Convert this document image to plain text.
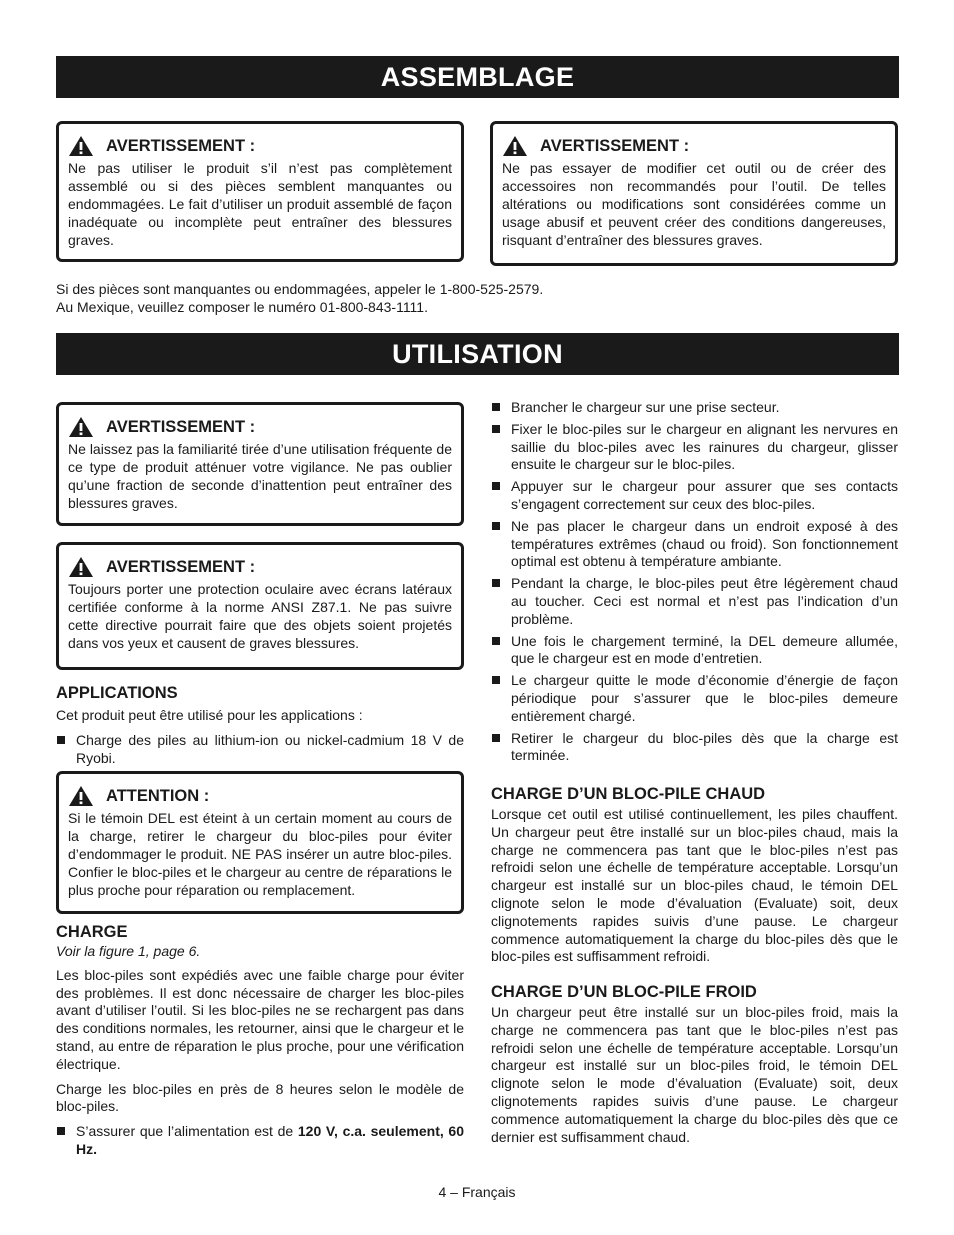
ASSEMBLAGE
AVERTISSEMENT :
Ne pas utiliser le produit s’il n’est pas complètement assemblé ou si des pièces semblent manquantes ou endommagées. Le fait d’utiliser un produit assemblé de façon inadéquate ou incomplète peut entraîner des blessures graves.
AVERTISSEMENT :
Ne pas essayer de modifier cet outil ou de créer des accessoires non recommandés pour l’outil. De telles altérations ou modifications sont considérées comme un usage abusif et peuvent créer des conditions dangereuses, risquant d’entraîner des blessures graves.
Si des pièces sont manquantes ou endommagées, appeler le 1-800-525-2579.
Au Mexique, veuillez composer le numéro 01-800-843-1111.
UTILISATION
AVERTISSEMENT :
Ne laissez pas la familiarité tirée d’une utilisation fréquente de ce type de produit atténuer votre vigilance. Ne pas oublier qu’une fraction de seconde d’inattention peut entraîner des blessures graves.
AVERTISSEMENT :
Toujours porter une protection oculaire avec écrans latéraux certifiée conforme à la norme ANSI Z87.1. Ne pas suivre cette directive pourrait faire que des objets soient projetés dans vos yeux et causent de graves blessures.
APPLICATIONS

Cet produit peut être utilisé pour les applications :

Charge des piles au lithium-ion ou nickel-cadmium 18 V de Ryobi.
ATTENTION :
Si le témoin DEL est éteint à un certain moment au cours de la charge, retirer le chargeur du bloc-piles pour éviter d’endommager le produit. NE PAS insérer un autre bloc-piles. Confier le bloc-piles et le chargeur au centre de réparations le plus proche pour réparation ou remplacement.
CHARGE

Voir la figure 1, page 6.

Les bloc-piles sont expédiés avec une faible charge pour éviter des problèmes. Il est donc nécessaire de charger les bloc-piles avant d’utiliser l’outil. Si les bloc-piles ne se rechargent pas dans des conditions normales, les retourner, ainsi que le chargeur et le stand, au entre de réparation le plus proche, pour une vérification électrique.

Charge les bloc-piles en près de 8 heures selon le modèle de bloc-piles.

S’assurer que l’alimentation est de 120 V, c.a. seulement, 60 Hz.
Brancher le chargeur sur une prise secteur.
Fixer le bloc-piles sur le chargeur en alignant les nervures en saillie du bloc-piles avec les rainures du chargeur, glisser ensuite le chargeur sur le bloc-piles.
Appuyer sur le chargeur pour assurer que ses contacts s’engagent correctement sur ceux des bloc-piles.
Ne pas placer le chargeur dans un endroit exposé à des températures extrêmes (chaud ou froid). Son fonctionnement optimal est obtenu à température ambiante.
Pendant la charge, le bloc-piles peut être légèrement chaud au toucher. Ceci est normal et n’est pas l’indication d’un problème.
Une fois le chargement terminé, la DEL demeure allumée, que le chargeur est en mode d’entretien.
Le chargeur quitte le mode d’économie d’énergie de façon périodique pour s’assurer que le bloc-piles demeure entièrement chargé.
Retirer le chargeur du bloc-piles dès que la charge est terminée.
CHARGE D’UN BLOC-PILE CHAUD

Lorsque cet outil est utilisé continuellement, les piles chauffent. Un chargeur peut être installé sur un bloc-piles chaud, mais la charge ne commencera pas tant que le bloc-piles n’est pas refroidi selon une échelle de température acceptable. Lorsqu’un chargeur est installé sur un bloc-piles chaud, le témoin DEL clignote selon le mode d’évaluation (Evaluate) soit, deux clignotements rapides suivis d’une pause. Le chargeur commence automatiquement la charge du bloc-piles dès que le bloc-piles est suffisamment refroidi.

CHARGE D’UN BLOC-PILE FROID

Un chargeur peut être installé sur un bloc-piles froid, mais la charge ne commencera pas tant que le bloc-piles n’est pas refroidi selon une échelle de température acceptable. Lorsqu’un chargeur est installé sur un bloc-piles froid, le témoin DEL clignote selon le mode d’évaluation (Evaluate) soit, deux clignotements rapides suivis d’une pause. Le chargeur commence automatiquement la charge du bloc-piles dès que ce dernier est suffisamment chaud.

4 – Français
